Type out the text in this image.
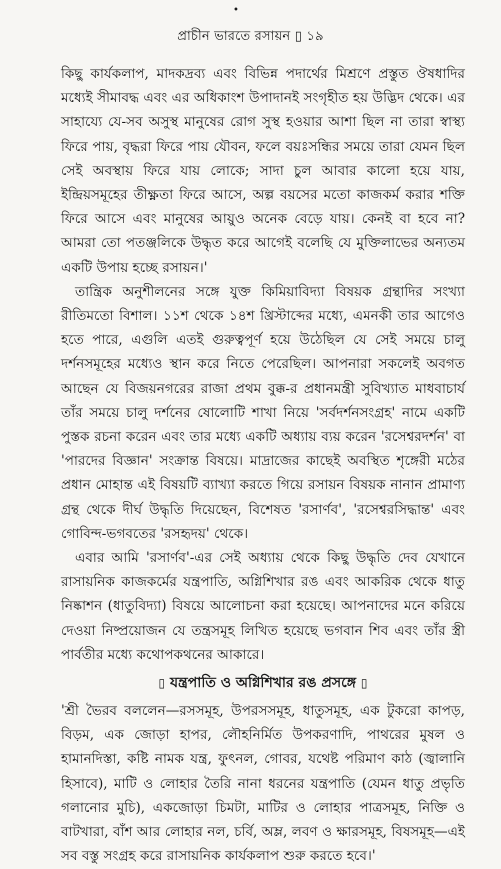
•
প্রাচীন ভারতে রসায়ন ▯ ১৯

কিছু কার্যকলাপ, মাদকদ্রব্য এবং বিভিন্ন পদার্থের মিশ্রণে প্রস্তুত ঔষধাদির মধ্যেই সীমাবদ্ধ এবং এর অধিকাংশ উপাদানই সংগৃহীত হয় উদ্ভিদ থেকে। এর সাহায্যে যে-সব অসুস্থ মানুষের রোগ সুস্থ হওয়ার আশা ছিল না তারা স্বাস্থ্য ফিরে পায়, বৃদ্ধরা ফিরে পায় যৌবন, ফলে বয়ঃসন্ধির সময়ে তারা যেমন ছিল সেই অবস্থায় ফিরে যায় লোকে; সাদা চুল আবার কালো হয়ে যায়, ইন্দ্রিয়সমূহের তীক্ষ্ণতা ফিরে আসে, অল্প বয়সের মতো কাজকর্ম করার শক্তি ফিরে আসে এবং মানুষের আয়ুও অনেক বেড়ে যায়। কেনই বা হবে না? আমরা তো পতঞ্জলিকে উদ্ধৃত করে আগেই বলেছি যে মুক্তিলাভের অন্যতম একটি উপায় হচ্ছে রসায়ন।'

তান্ত্রিক অনুশীলনের সঙ্গে যুক্ত কিমিয়াবিদ্যা বিষয়ক গ্রন্থাদির সংখ্যা রীতিমতো বিশাল। ১১শ থেকে ১৪শ খ্রিস্টাব্দের মধ্যে, এমনকী তার আগেও হতে পারে, এগুলি এতই গুরুত্বপূর্ণ হয়ে উঠেছিল যে সেই সময়ে চালু দর্শনসমূহের মধ্যেও স্থান করে নিতে পেরেছিল। আপনারা সকলেই অবগত আছেন যে বিজয়নগরের রাজা প্রথম বুক্ক-র প্রধানমন্ত্রী সুবিখ্যাত মাধবাচার্য তাঁর সময়ে চালু দর্শনের ষোলোটি শাখা নিয়ে 'সর্বদর্শনসংগ্রহ' নামে একটি পুস্তক রচনা করেন এবং তার মধ্যে একটি অধ্যায় ব্যয় করেন 'রসেশ্বরদর্শন' বা 'পারদের বিজ্ঞান' সংক্রান্ত বিষয়ে। মাদ্রাজের কাছেই অবস্থিত শৃঙ্গেরী মঠের প্রধান মোহান্ত এই বিষয়টি ব্যাখ্যা করতে গিয়ে রসায়ন বিষয়ক নানান প্রামাণ্য গ্রন্থ থেকে দীর্ঘ উদ্ধৃতি দিয়েছেন, বিশেষত 'রসার্ণব', 'রসেশ্বরসিদ্ধান্ত' এবং গোবিন্দ-ভগবতের 'রসহৃদয়' থেকে।

এবার আমি 'রসার্ণব'-এর সেই অধ্যায় থেকে কিছু উদ্ধৃতি দেব যেখানে রাসায়নিক কাজকর্মের যন্ত্রপাতি, অগ্নিশিখার রঙ এবং আকরিক থেকে ধাতু নিষ্কাশন (ধাতুবিদ্যা) বিষয়ে আলোচনা করা হয়েছে। আপনাদের মনে করিয়ে দেওয়া নিষ্প্রয়োজন যে তন্ত্রসমূহ লিখিত হয়েছে ভগবান শিব এবং তাঁর স্ত্রী পার্বতীর মধ্যে কথোপকথনের আকারে।

▯ যন্ত্রপাতি ও অগ্নিশিখার রঙ প্রসঙ্গে ▯

'শ্রী ভৈরব বললেন—রসসমূহ, উপরসসমূহ, ধাতুসমূহ, এক টুকরো কাপড়, বিড়ম, এক জোড়া হাপর, লৌহনির্মিত উপকরণাদি, পাথরের মুষল ও হামানদিস্তা, কষ্টি নামক যন্ত্র, ফুৎনল, গোবর, যথেষ্ট পরিমাণ কাঠ (জ্বালানি হিসাবে), মাটি ও লোহার তৈরি নানা ধরনের যন্ত্রপাতি (যেমন ধাতু প্রভৃতি গলানোর মুচি), একজোড়া চিমটা, মাটির ও লোহার পাত্রসমূহ, নিক্তি ও বাটখারা, বাঁশ আর লোহার নল, চর্বি, অম্ল, লবণ ও ক্ষারসমূহ, বিষসমূহ—এই সব বস্তু সংগ্রহ করে রাসায়নিক কার্যকলাপ শুরু করতে হবে।'
